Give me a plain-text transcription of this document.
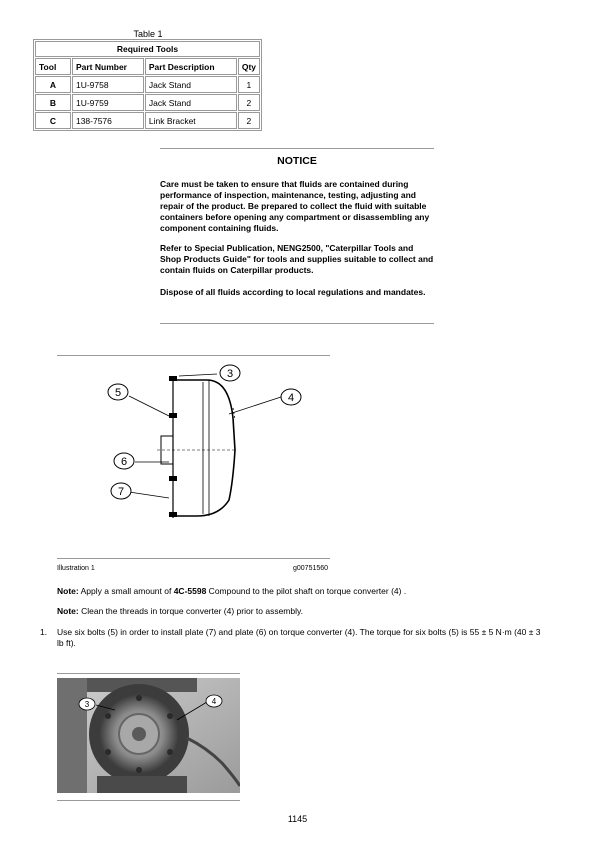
Table 1
Required Tools			
Tool	Part Number	Part Description	Qty
A	1U-9758	Jack Stand	1
B	1U-9759	Jack Stand	2
C	138-7576	Link Bracket	2
NOTICE
Care must be taken to ensure that fluids are contained during performance of inspection, maintenance, testing, adjusting and repair of the product. Be prepared to collect the fluid with suitable containers before opening any compartment or disassembling any component containing fluids.
Refer to Special Publication, NENG2500, "Caterpillar Tools and Shop Products Guide" for tools and supplies suitable to collect and contain fluids on Caterpillar products.
Dispose of all fluids according to local regulations and mandates.
3
4
5
6
7
Illustration 1	g00751560
Note: Apply a small amount of 4C-5598 Compound to the pilot shaft on torque converter (4) .
Note: Clean the threads in torque converter (4) prior to assembly.
1. Use six bolts (5) in order to install plate (7) and plate (6) on torque converter (4). The torque for six bolts (5) is 55 ± 5 N·m (40 ± 3 lb ft).
3	4
1145
